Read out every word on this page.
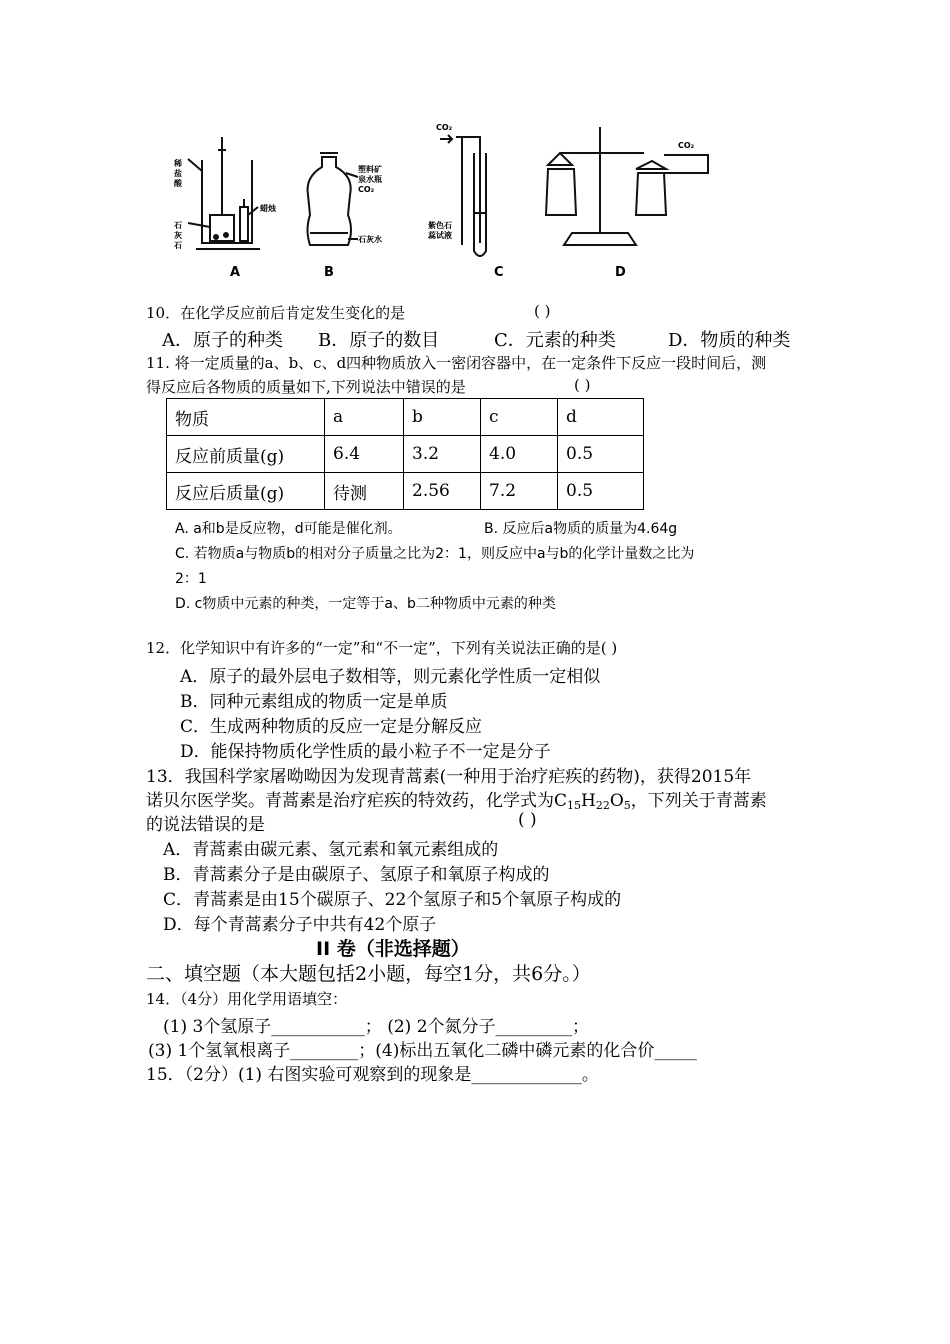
稀
盐
酸
石
灰
石
蜡烛
塑料矿
泉水瓶
CO₂
石灰水
CO₂
紫色石
蕊试液
CO₂
A	B	C	D
10．在化学反应前后肯定发生变化的是	( )
A．原子的种类 B．原子的数目	C．元素的种类	D．物质的种类
11. 将一定质量的a、b、c、d四种物质放入一密闭容器中，在一定条件下反应一段时间后，测
得反应后各物质的质量如下,下列说法中错误的是	( )
物质	a	b	c	d
反应前质量(g)	6.4	3.2	4.0	0.5
反应后质量(g)	待测	2.56	7.2	0.5
A. a和b是反应物，d可能是催化剂。	B. 反应后a物质的质量为4.64g
C. 若物质a与物质b的相对分子质量之比为2：1，则反应中a与b的化学计量数之比为
2：1
D. c物质中元素的种类，一定等于a、b二种物质中元素的种类
12．化学知识中有许多的“一定”和“不一定”，下列有关说法正确的是( )
A．原子的最外层电子数相等，则元素化学性质一定相似
B．同种元素组成的物质一定是单质
C．生成两种物质的反应一定是分解反应
D．能保持物质化学性质的最小粒子不一定是分子
13．我国科学家屠呦呦因为发现青蒿素(一种用于治疗疟疾的药物)，获得2015年
诺贝尔医学奖。青蒿素是治疗疟疾的特效药，化学式为$C_{15}H_{22}O_5$，下列关于青蒿素
的说法错误的是	( )
A．青蒿素由碳元素、氢元素和氧元素组成的
B．青蒿素分子是由碳原子、氢原子和氧原子构成的
C．青蒿素是由15个碳原子、22个氢原子和5个氧原子构成的
D．每个青蒿素分子中共有42个原子
II 卷（非选择题）
二、填空题（本大题包括2小题，每空1分，共6分。）
14．（4分）用化学用语填空：
(1) 3个氢原子___________； (2) 2个氮分子_________；
(3) 1个氢氧根离子________；(4)标出五氧化二磷中磷元素的化合价_____
15．（2分）(1) 右图实验可观察到的现象是_____________。
